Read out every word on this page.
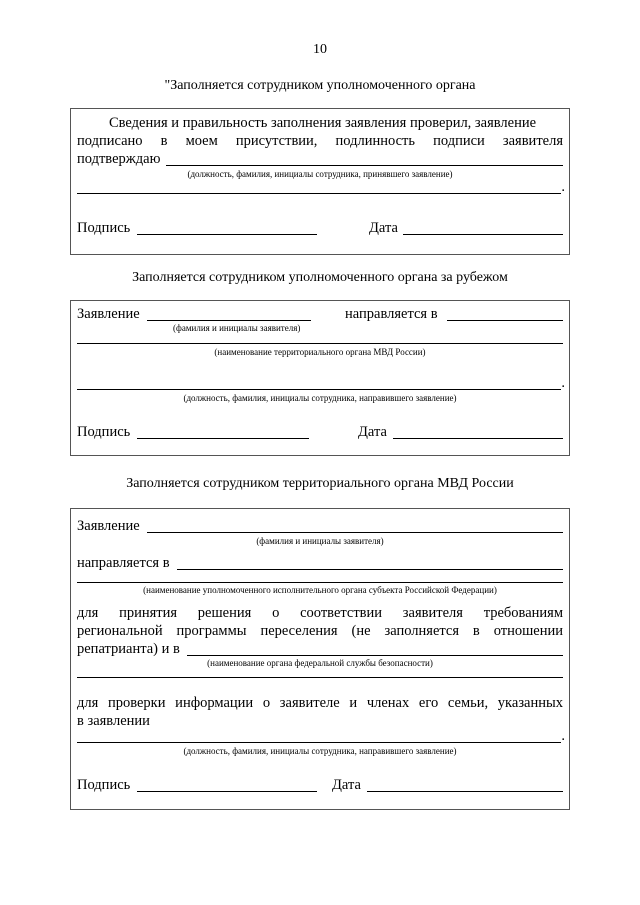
10
"Заполняется сотрудником уполномоченного органа
Сведения и правильность заполнения заявления проверил, заявление
подписано в моем присутствии, подлинность подписи заявителя
подтверждаю
(должность, фамилия, инициалы сотрудника, принявшего заявление)
.
Подпись	Дата
Заполняется сотрудником уполномоченного органа за рубежом
Заявление	направляется в
(фамилия и инициалы заявителя)
(наименование территориального органа МВД России)
.
(должность, фамилия, инициалы сотрудника, направившего заявление)
Подпись	Дата
Заполняется сотрудником территориального органа МВД России
Заявление
(фамилия и инициалы заявителя)
направляется в
(наименование уполномоченного исполнительного органа субъекта Российской Федерации)
для принятия решения о соответствии заявителя требованиям
региональной программы переселения (не заполняется в отношении
репатрианта) и в
(наименование органа федеральной службы безопасности)
для проверки информации о заявителе и членах его семьи, указанных
в заявлении
.
(должность, фамилия, инициалы сотрудника, направившего заявление)
Подпись	Дата
